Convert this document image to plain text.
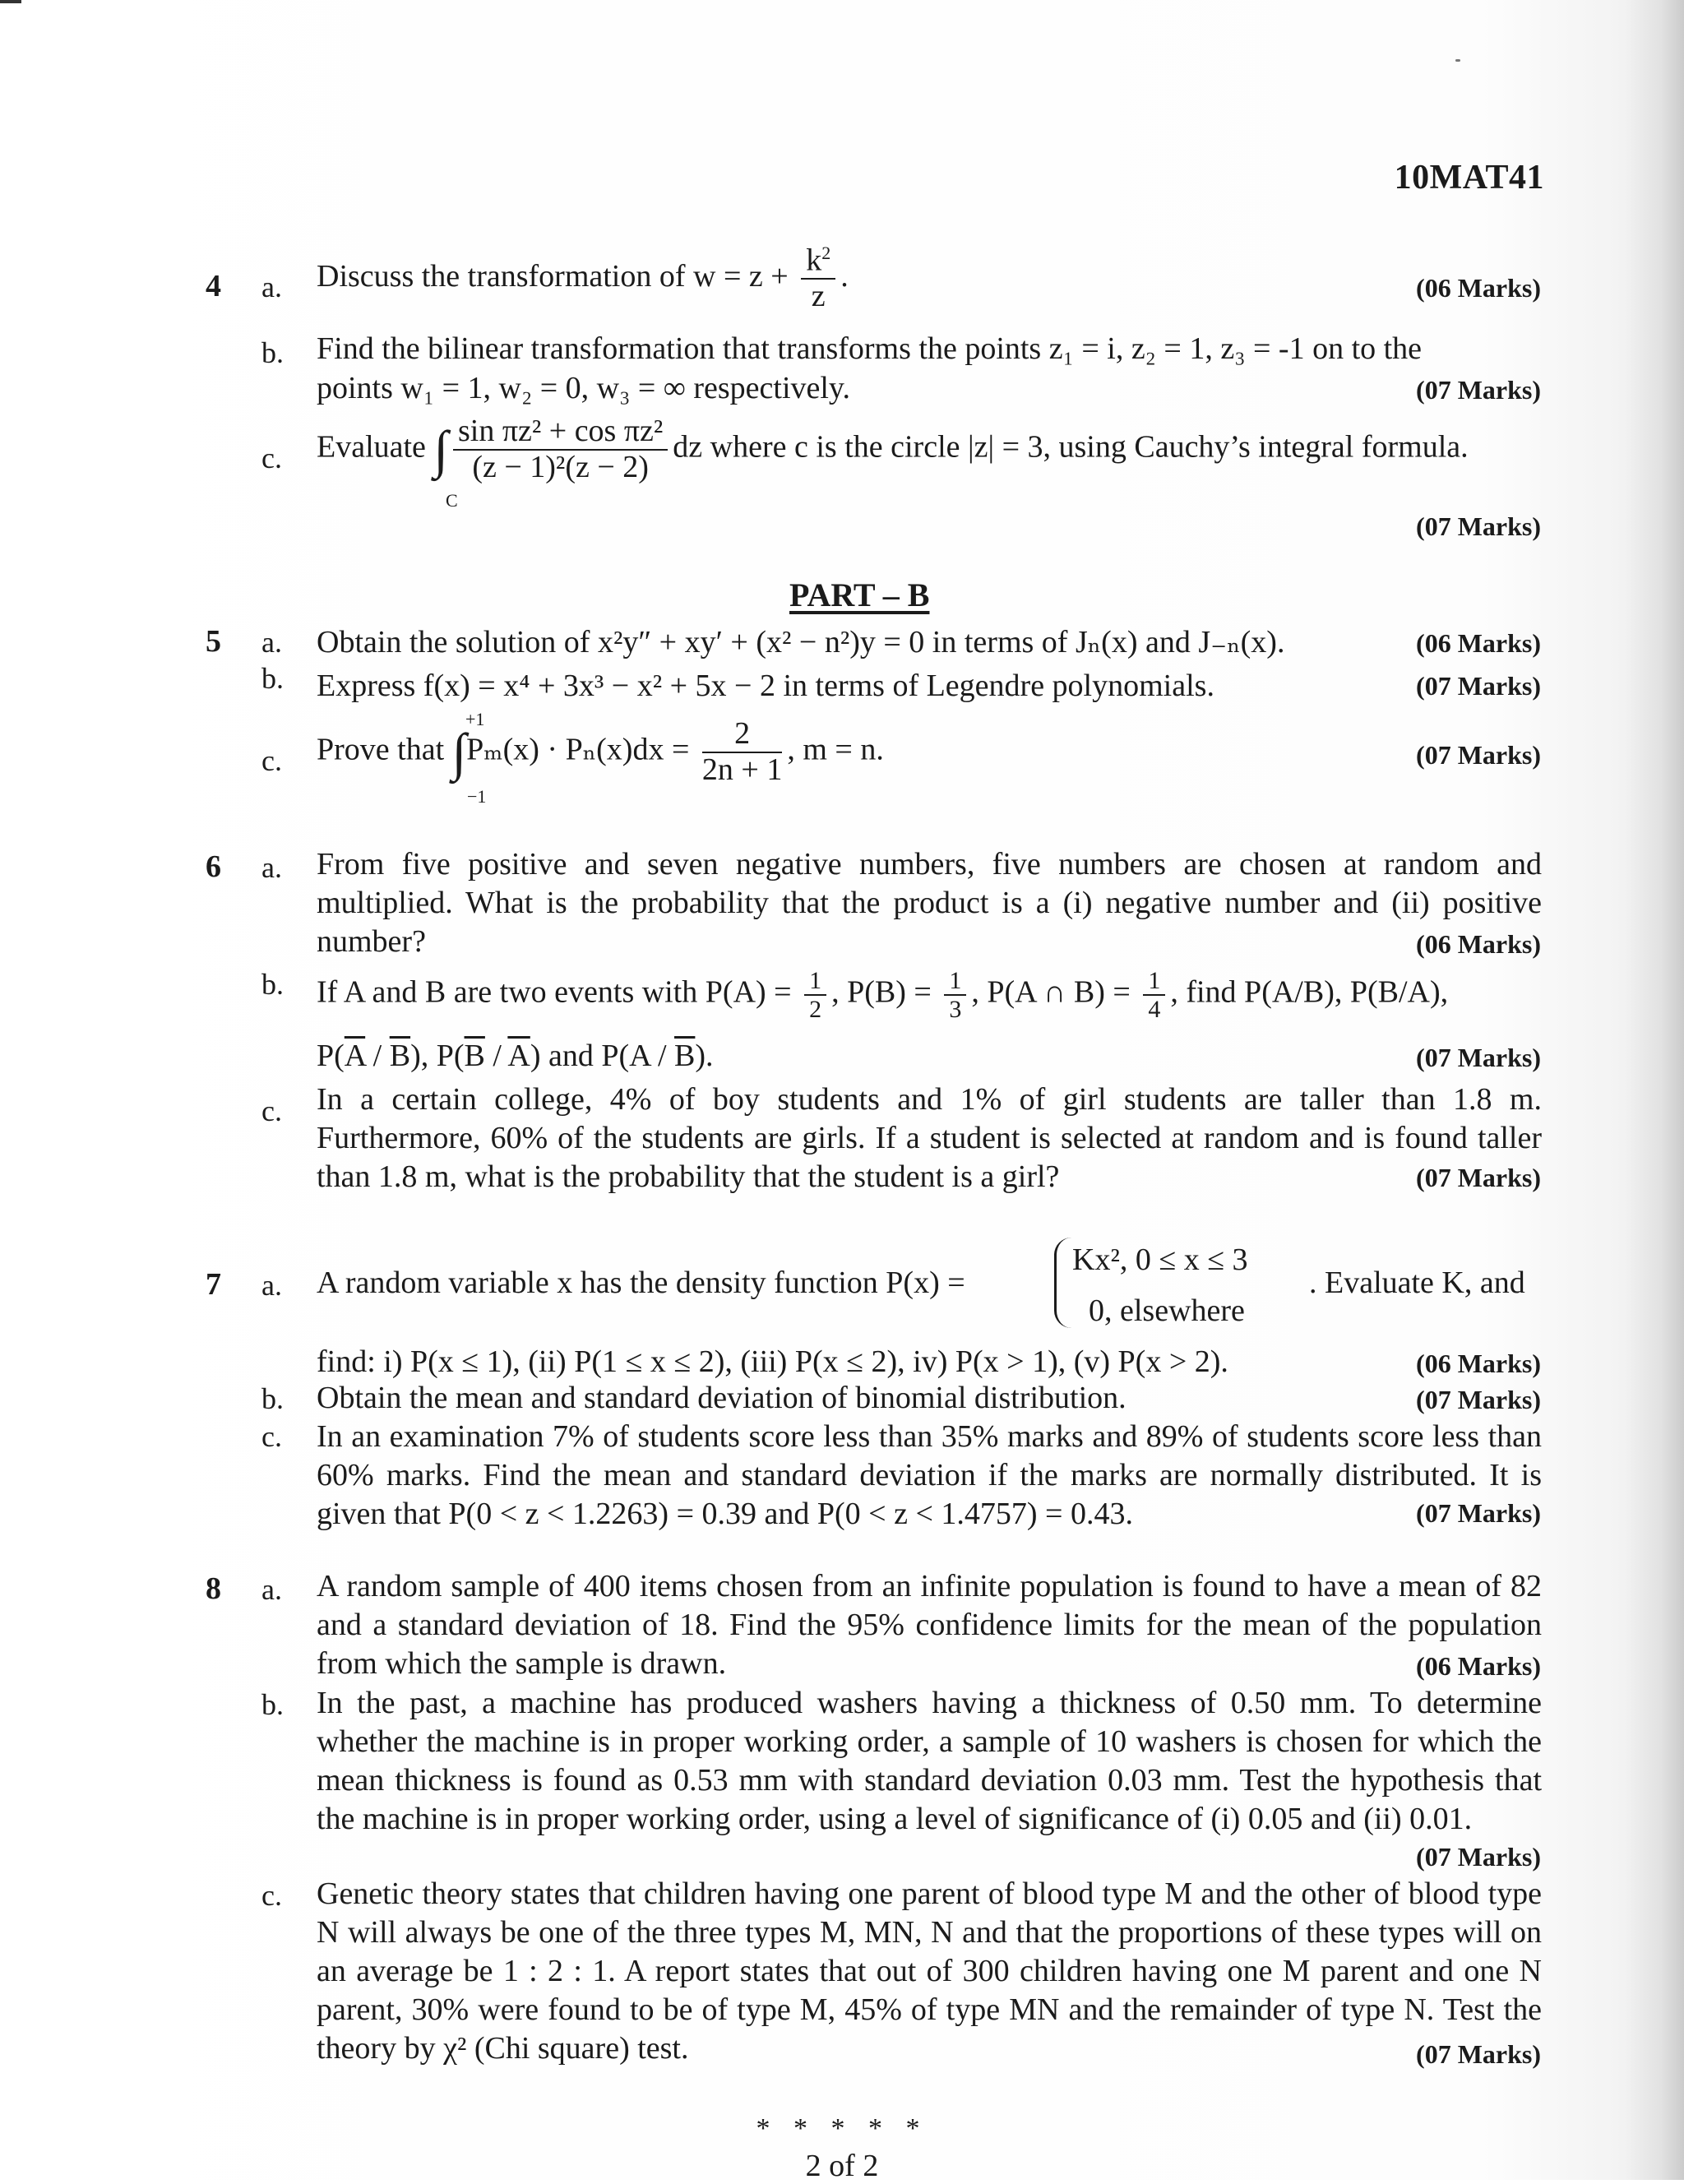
10MAT41
4 a. Discuss the transformation of $w = z + \frac{k^2}{z}$ .	(06 Marks)
b. Find the bilinear transformation that transforms the points z₁ = i, z₂ = 1, z₃ = -1 on to the
points w₁ = 1, w₂ = 0, w₃ = ∞ respectively.	(07 Marks)
c. Evaluate ∫ $\frac{\text{sin πz² + cos πz²}}{\text{(z − 1)²(z − 2)}}$ dz where c is the circle |z| = 3, using Cauchy’s integral formula.
C
(07 Marks)
PART – B
5 a. Obtain the solution of x²y″ + xy′ + (x² − n²)y = 0 in terms of Jₙ(x) and J₋ₙ(x).	(06 Marks)
b. Express f(x) = x⁴ + 3x³ − x² + 5x − 2 in terms of Legendre polynomials.	(07 Marks)
c.
+1
−1
Prove that $\int P_m(x) \cdot P_n(x)dx = \frac{2}{2n + 1}$ , m = n.	(07 Marks)
6 a. From five positive and seven negative numbers, five numbers are chosen at random and multiplied. What is the probability that the product is a (i) negative number and (ii) positive number?	(06 Marks)
b. If A and B are two events with $P(A) = \frac{1}{2}$ , $P(B) = \frac{1}{3}$ , P(A ∩ $B) = \frac{1}{4}$ , find P(A/B), P(B/A),
$P(\overline{A} / \overline{B})$, $P(\overline{B} / \overline{A})$ and $P(A / \overline{B})$.	(07 Marks)
c. In a certain college, 4% of boy students and 1% of girl students are taller than 1.8 m. Furthermore, 60% of the students are girls. If a student is selected at random and is found taller than 1.8 m, what is the probability that the student is a girl?	(07 Marks)
7 a. A random variable x has the density function P(x) =
Kx², 0 ≤ x ≤ 3
0, elsewhere
. Evaluate K, and
find: i) P(x ≤ 1), (ii) P(1 ≤ x ≤ 2), (iii) P(x ≤ 2), iv) P(x > 1), (v) P(x > 2).	(06 Marks)
b. Obtain the mean and standard deviation of binomial distribution.	(07 Marks)
c. In an examination 7% of students score less than 35% marks and 89% of students score less than 60% marks. Find the mean and standard deviation if the marks are normally distributed. It is given that P(0 < z < 1.2263) = 0.39 and P(0 < z < 1.4757) = 0.43.	(07 Marks)
8 a. A random sample of 400 items chosen from an infinite population is found to have a mean of 82 and a standard deviation of 18. Find the 95% confidence limits for the mean of the population from which the sample is drawn.	(06 Marks)
b. In the past, a machine has produced washers having a thickness of 0.50 mm. To determine whether the machine is in proper working order, a sample of 10 washers is chosen for which the mean thickness is found as 0.53 mm with standard deviation 0.03 mm. Test the hypothesis that the machine is in proper working order, using a level of significance of (i) 0.05 and (ii) 0.01.
(07 Marks)
c. Genetic theory states that children having one parent of blood type M and the other of blood type N will always be one of the three types M, MN, N and that the proportions of these types will on an average be 1 : 2 : 1. A report states that out of 300 children having one M parent and one N parent, 30% were found to be of type M, 45% of type MN and the remainder of type N. Test the theory by χ² (Chi square) test.	(07 Marks)
* * * * *
2 of 2
